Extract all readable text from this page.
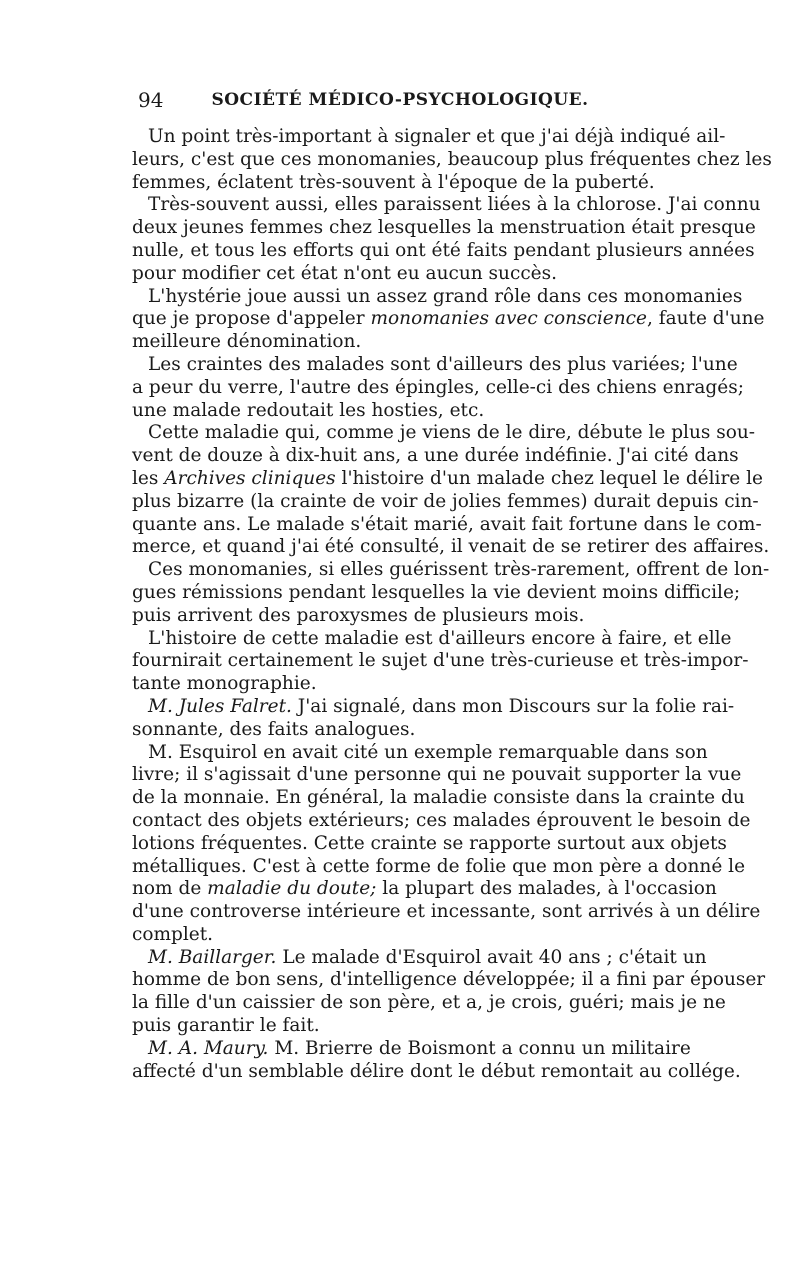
94	SOCIÉTÉ MÉDICO-PSYCHOLOGIQUE.
Un point très-important à signaler et que j'ai déjà indiqué ail-
leurs, c'est que ces monomanies, beaucoup plus fréquentes chez les
femmes, éclatent très-souvent à l'époque de la puberté.
Très-souvent aussi, elles paraissent liées à la chlorose. J'ai connu
deux jeunes femmes chez lesquelles la menstruation était presque
nulle, et tous les efforts qui ont été faits pendant plusieurs années
pour modifier cet état n'ont eu aucun succès.
L'hystérie joue aussi un assez grand rôle dans ces monomanies
que je propose d'appeler monomanies avec conscience, faute d'une
meilleure dénomination.
Les craintes des malades sont d'ailleurs des plus variées; l'une
a peur du verre, l'autre des épingles, celle-ci des chiens enragés;
une malade redoutait les hosties, etc.
Cette maladie qui, comme je viens de le dire, débute le plus sou-
vent de douze à dix-huit ans, a une durée indéfinie. J'ai cité dans
les Archives cliniques l'histoire d'un malade chez lequel le délire le
plus bizarre (la crainte de voir de jolies femmes) durait depuis cin-
quante ans. Le malade s'était marié, avait fait fortune dans le com-
merce, et quand j'ai été consulté, il venait de se retirer des affaires.
Ces monomanies, si elles guérissent très-rarement, offrent de lon-
gues rémissions pendant lesquelles la vie devient moins difficile;
puis arrivent des paroxysmes de plusieurs mois.
L'histoire de cette maladie est d'ailleurs encore à faire, et elle
fournirait certainement le sujet d'une très-curieuse et très-impor-
tante monographie.
M. Jules Falret. J'ai signalé, dans mon Discours sur la folie rai-
sonnante, des faits analogues.
M. Esquirol en avait cité un exemple remarquable dans son
livre; il s'agissait d'une personne qui ne pouvait supporter la vue
de la monnaie. En général, la maladie consiste dans la crainte du
contact des objets extérieurs; ces malades éprouvent le besoin de
lotions fréquentes. Cette crainte se rapporte surtout aux objets
métalliques. C'est à cette forme de folie que mon père a donné le
nom de maladie du doute; la plupart des malades, à l'occasion
d'une controverse intérieure et incessante, sont arrivés à un délire
complet.
M. Baillarger. Le malade d'Esquirol avait 40 ans ; c'était un
homme de bon sens, d'intelligence développée; il a fini par épouser
la fille d'un caissier de son père, et a, je crois, guéri; mais je ne
puis garantir le fait.
M. A. Maury. M. Brierre de Boismont a connu un militaire
affecté d'un semblable délire dont le début remontait au collége.
